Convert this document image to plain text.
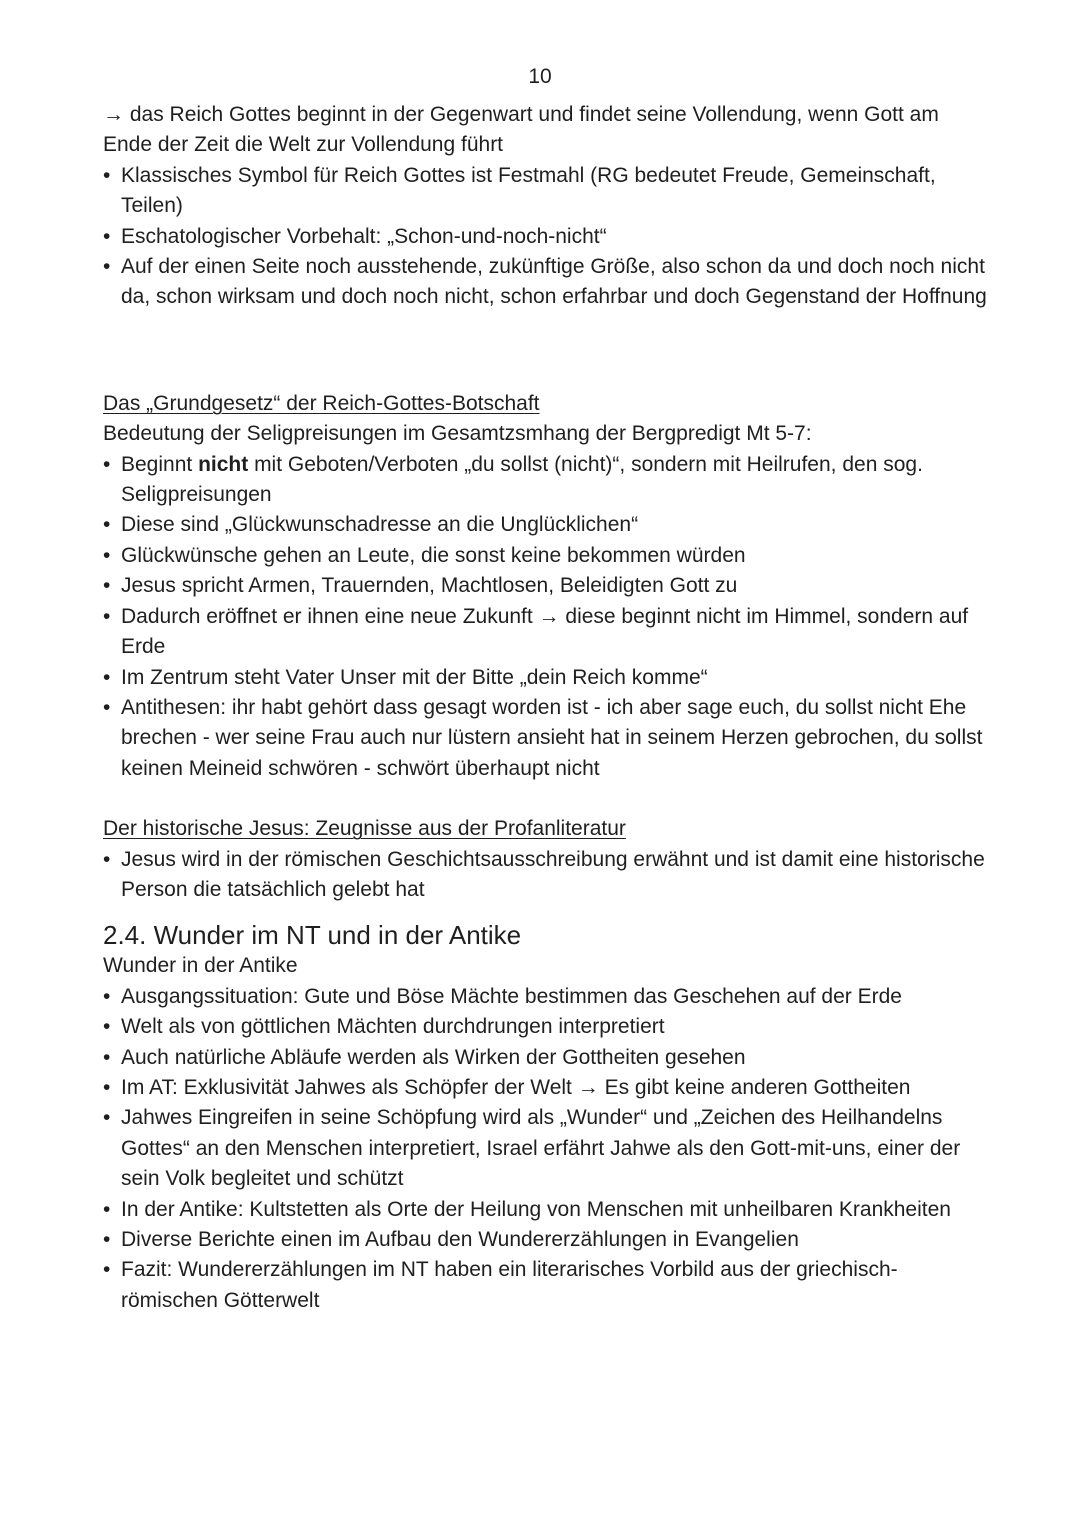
10

→ das Reich Gottes beginnt in der Gegenwart und findet seine Vollendung, wenn Gott am Ende der Zeit die Welt zur Vollendung führt

• Klassisches Symbol für Reich Gottes ist Festmahl (RG bedeutet Freude, Gemeinschaft, Teilen)
• Eschatologischer Vorbehalt: „Schon-und-noch-nicht“
• Auf der einen Seite noch ausstehende, zukünftige Größe, also schon da und doch noch nicht da, schon wirksam und doch noch nicht, schon erfahrbar und doch Gegenstand der Hoffnung

Das „Grundgesetz“ der Reich-Gottes-Botschaft

Bedeutung der Seligpreisungen im Gesamtzsmhang der Bergpredigt Mt 5-7:

• Beginnt nicht mit Geboten/Verboten „du sollst (nicht)“, sondern mit Heilrufen, den sog. Seligpreisungen
• Diese sind „Glückwunschadresse an die Unglücklichen“
• Glückwünsche gehen an Leute, die sonst keine bekommen würden
• Jesus spricht Armen, Trauernden, Machtlosen, Beleidigten Gott zu
• Dadurch eröffnet er ihnen eine neue Zukunft → diese beginnt nicht im Himmel, sondern auf Erde
• Im Zentrum steht Vater Unser mit der Bitte „dein Reich komme“
• Antithesen: ihr habt gehört dass gesagt worden ist - ich aber sage euch, du sollst nicht Ehe brechen - wer seine Frau auch nur lüstern ansieht hat in seinem Herzen gebrochen, du sollst keinen Meineid schwören - schwört überhaupt nicht

Der historische Jesus: Zeugnisse aus der Profanliteratur

• Jesus wird in der römischen Geschichtsausschreibung erwähnt und ist damit eine historische Person die tatsächlich gelebt hat
2.4. Wunder im NT und in der Antike

Wunder in der Antike

• Ausgangssituation: Gute und Böse Mächte bestimmen das Geschehen auf der Erde
• Welt als von göttlichen Mächten durchdrungen interpretiert
• Auch natürliche Abläufe werden als Wirken der Gottheiten gesehen
• Im AT: Exklusivität Jahwes als Schöpfer der Welt → Es gibt keine anderen Gottheiten
• Jahwes Eingreifen in seine Schöpfung wird als „Wunder“ und „Zeichen des Heilhandelns Gottes“ an den Menschen interpretiert, Israel erfährt Jahwe als den Gott-mit-uns, einer der sein Volk begleitet und schützt
• In der Antike: Kultstetten als Orte der Heilung von Menschen mit unheilbaren Krankheiten
• Diverse Berichte einen im Aufbau den Wundererzählungen in Evangelien
• Fazit: Wundererzählungen im NT haben ein literarisches Vorbild aus der griechisch-römischen Götterwelt
